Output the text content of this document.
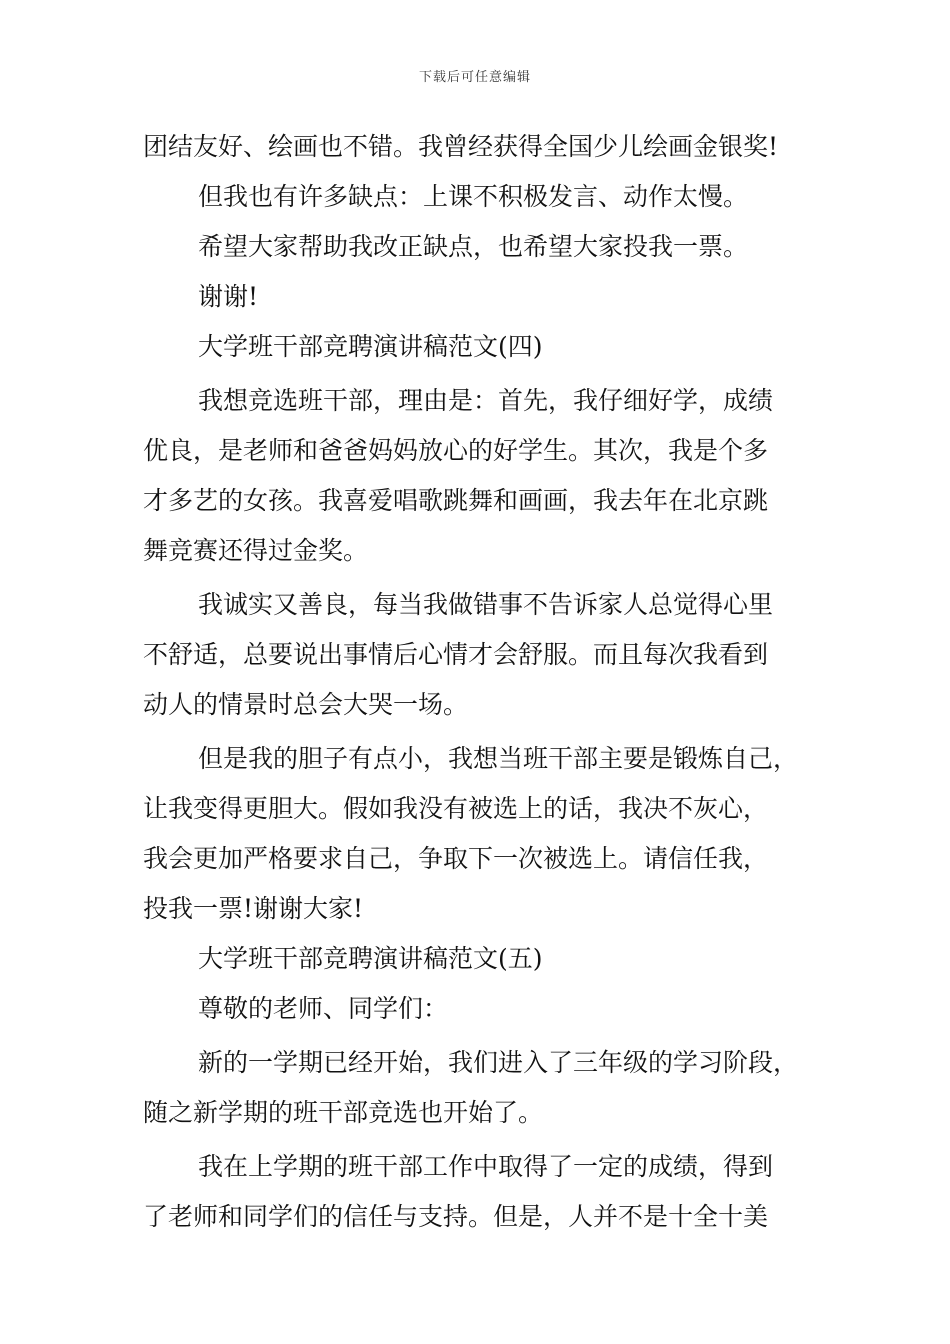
下载后可任意编辑
团结友好、绘画也不错。我曾经获得全国少儿绘画金银奖!
但我也有许多缺点：上课不积极发言、动作太慢。
希望大家帮助我改正缺点，也希望大家投我一票。
谢谢!
大学班干部竞聘演讲稿范文(四)
我想竞选班干部，理由是：首先，我仔细好学，成绩
优良，是老师和爸爸妈妈放心的好学生。其次，我是个多
才多艺的女孩。我喜爱唱歌跳舞和画画，我去年在北京跳
舞竞赛还得过金奖。
我诚实又善良，每当我做错事不告诉家人总觉得心里
不舒适，总要说出事情后心情才会舒服。而且每次我看到
动人的情景时总会大哭一场。
但是我的胆子有点小，我想当班干部主要是锻炼自己，
让我变得更胆大。假如我没有被选上的话，我决不灰心，
我会更加严格要求自己，争取下一次被选上。请信任我，
投我一票!谢谢大家!
大学班干部竞聘演讲稿范文(五)
尊敬的老师、同学们：
新的一学期已经开始，我们进入了三年级的学习阶段，
随之新学期的班干部竞选也开始了。
我在上学期的班干部工作中取得了一定的成绩，得到
了老师和同学们的信任与支持。但是，人并不是十全十美
